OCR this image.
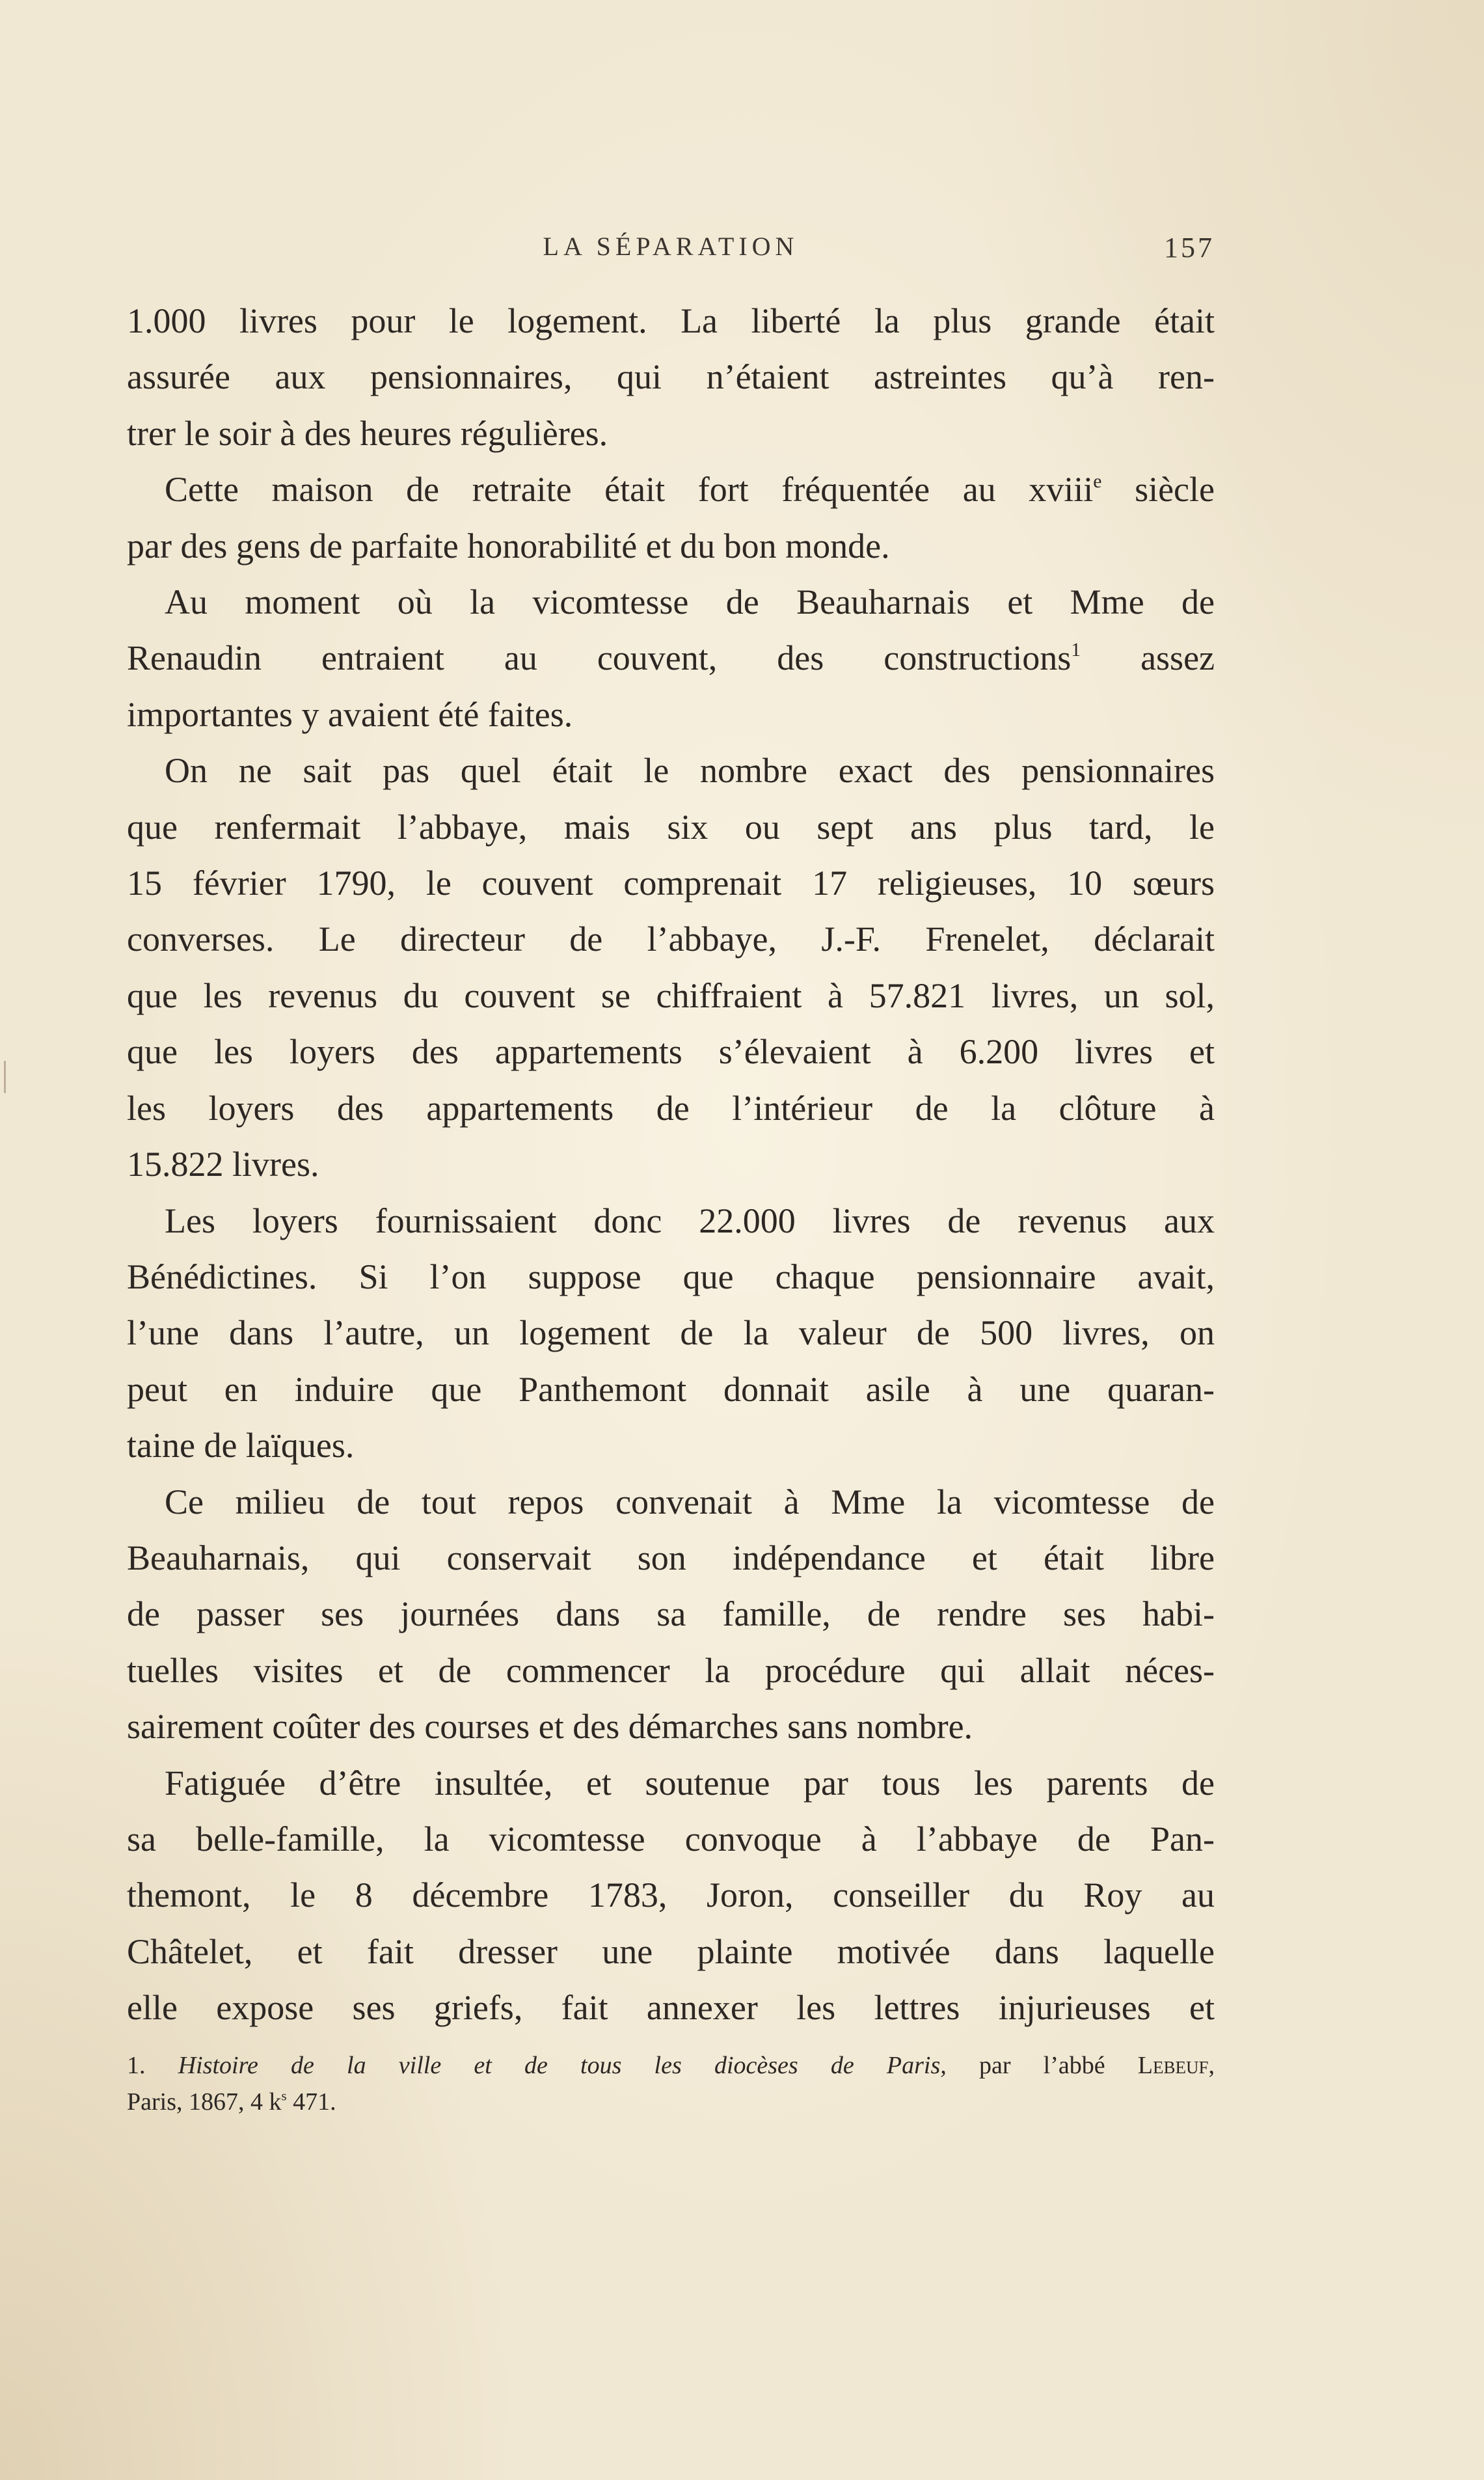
LA SÉPARATION	157

1.000 livres pour le logement. La liberté la plus grande était

assurée aux pensionnaires, qui n’étaient astreintes qu’à ren-

trer le soir à des heures régulières.

Cette maison de retraite était fort fréquentée au xviii$^e$ siècle

par des gens de parfaite honorabilité et du bon monde.

Au moment où la vicomtesse de Beauharnais et Mme de

Renaudin entraient au couvent, des constructions$^1$ assez

importantes y avaient été faites.

On ne sait pas quel était le nombre exact des pensionnaires

que renfermait l’abbaye, mais six ou sept ans plus tard, le

15 février 1790, le couvent comprenait 17 religieuses, 10 sœurs

converses. Le directeur de l’abbaye, J.-F. Frenelet, déclarait

que les revenus du couvent se chiffraient à 57.821 livres, un sol,

que les loyers des appartements s’élevaient à 6.200 livres et

les loyers des appartements de l’intérieur de la clôture à

15.822 livres.

Les loyers fournissaient donc 22.000 livres de revenus aux

Bénédictines. Si l’on suppose que chaque pensionnaire avait,

l’une dans l’autre, un logement de la valeur de 500 livres, on

peut en induire que Panthemont donnait asile à une quaran-

taine de laïques.

Ce milieu de tout repos convenait à Mme la vicomtesse de

Beauharnais, qui conservait son indépendance et était libre

de passer ses journées dans sa famille, de rendre ses habi-

tuelles visites et de commencer la procédure qui allait néces-

sairement coûter des courses et des démarches sans nombre.

Fatiguée d’être insultée, et soutenue par tous les parents de

sa belle-famille, la vicomtesse convoque à l’abbaye de Pan-

themont, le 8 décembre 1783, Joron, conseiller du Roy au

Châtelet, et fait dresser une plainte motivée dans laquelle

elle expose ses griefs, fait annexer les lettres injurieuses et

1. Histoire de la ville et de tous les diocèses de Paris, par l’abbé Lebeuf,

Paris, 1867, 4 $k^s$ 471.
